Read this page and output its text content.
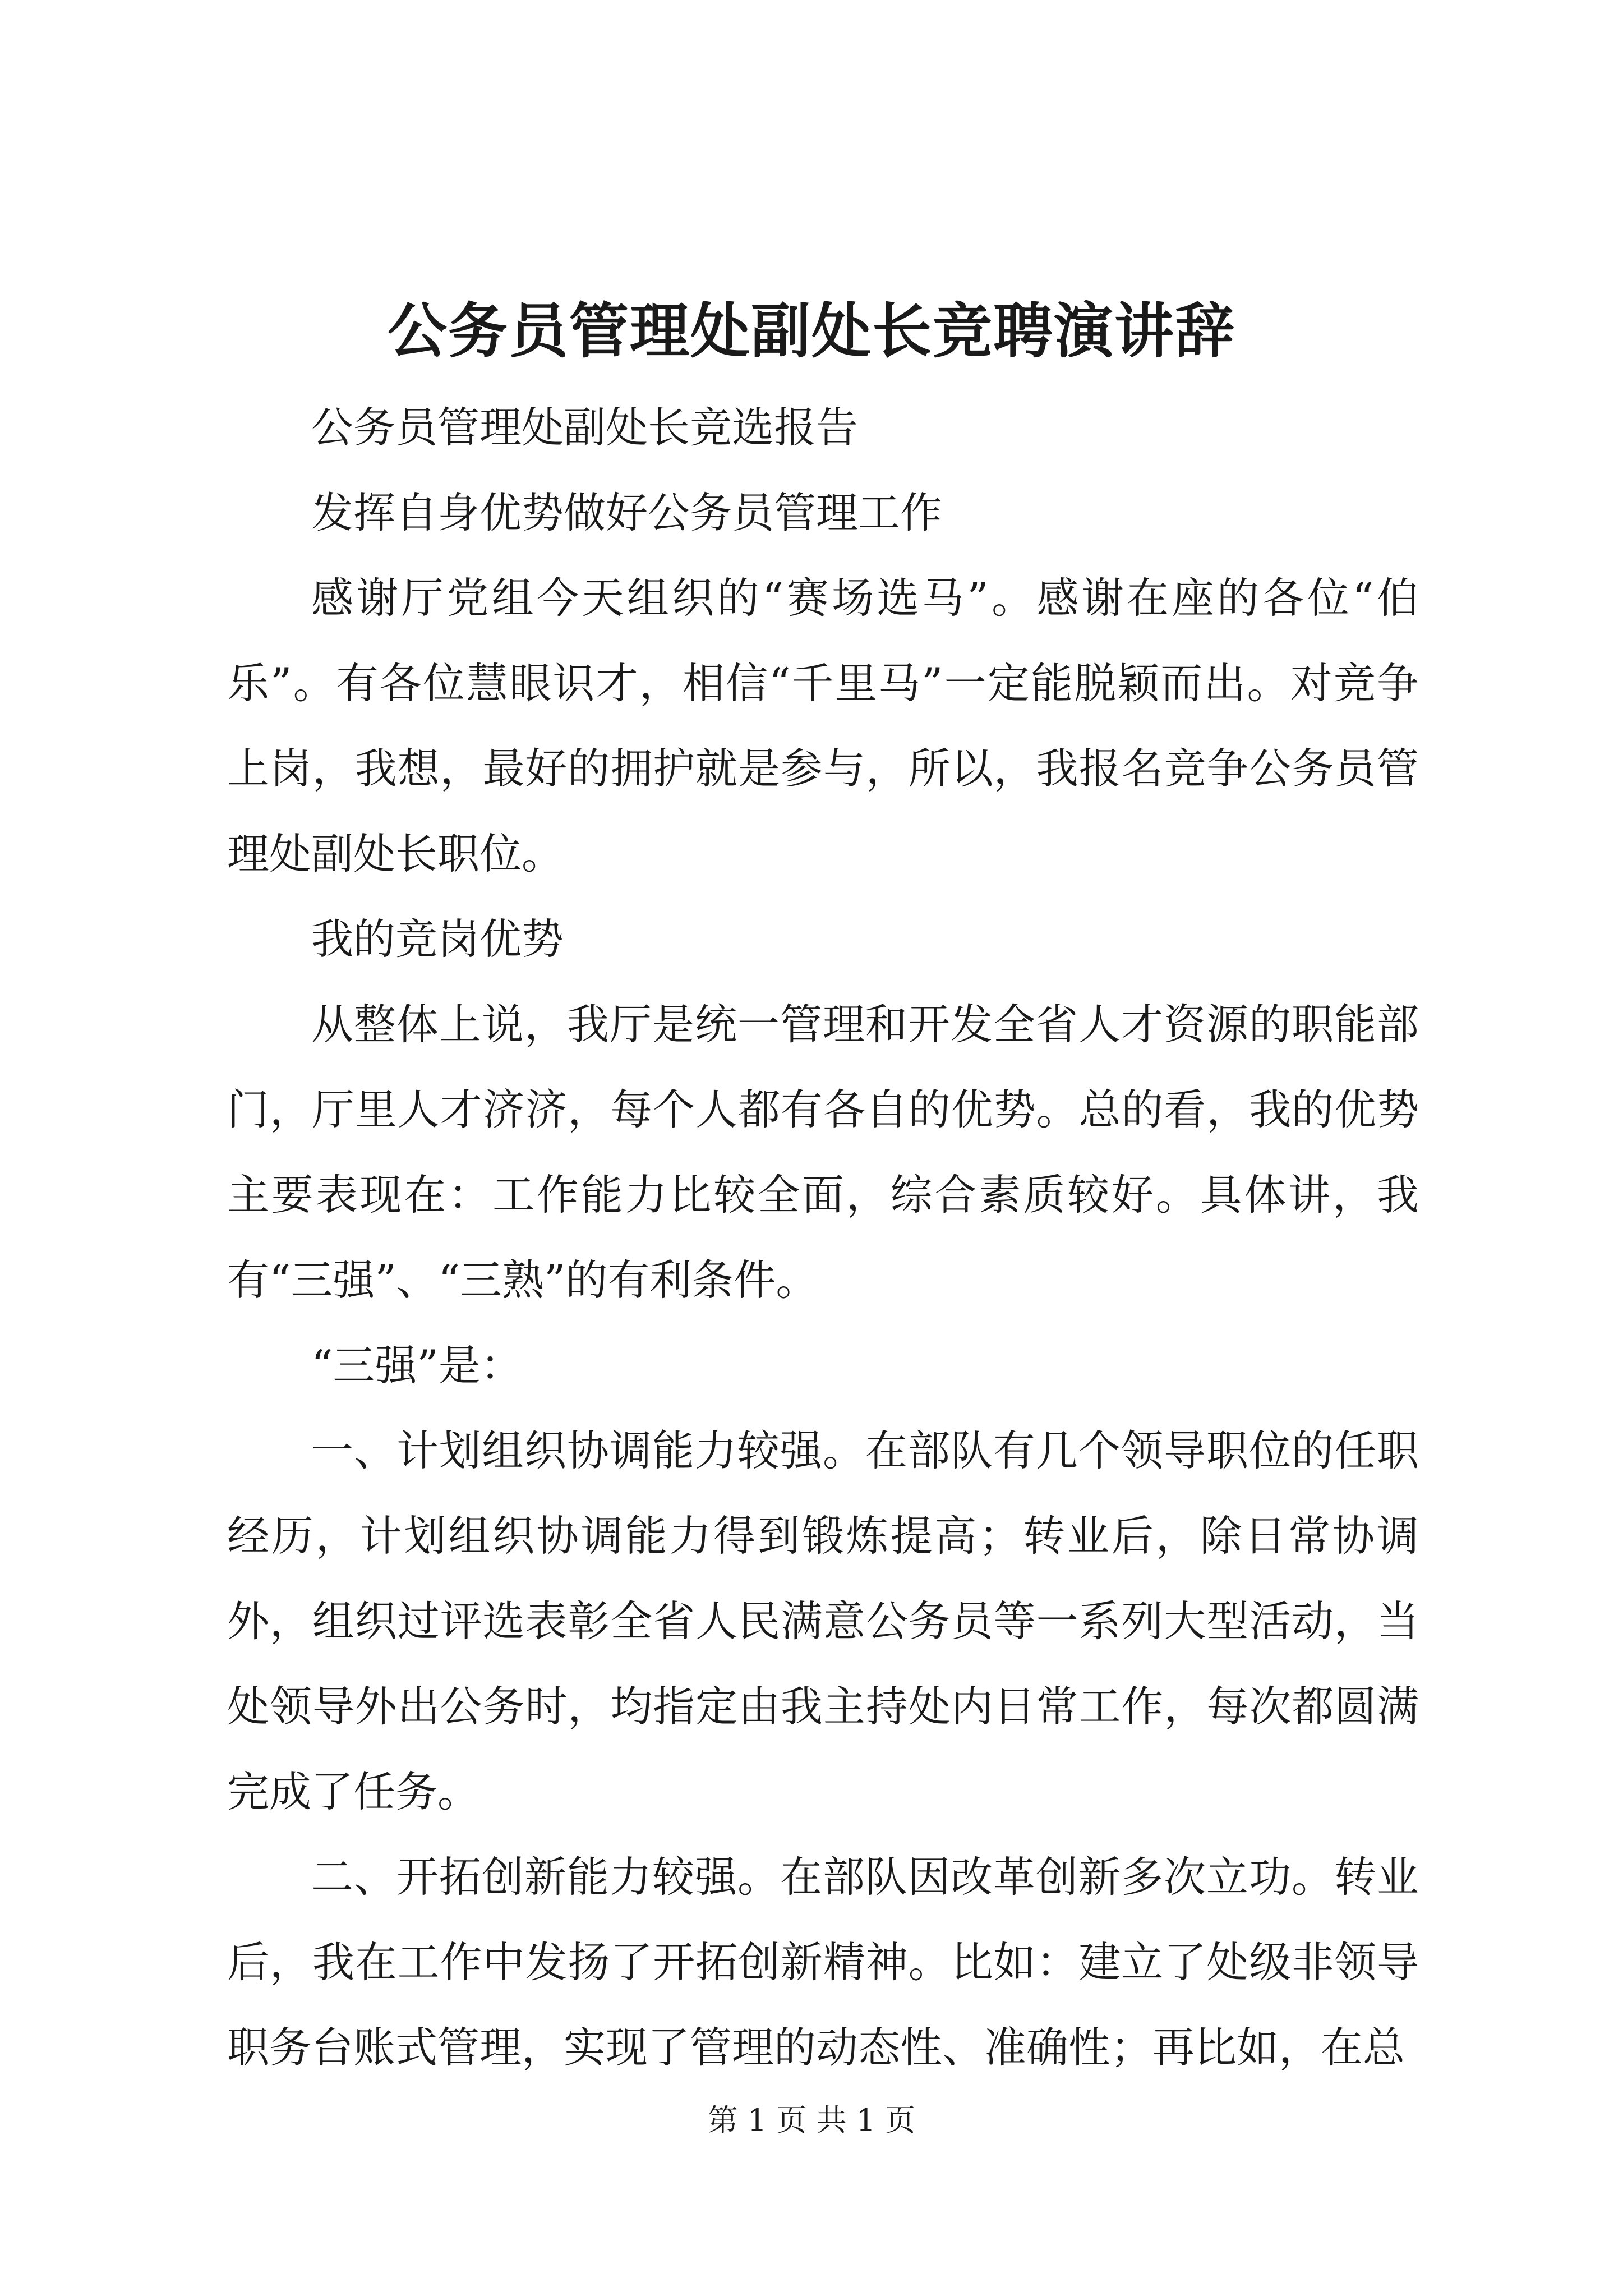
公务员管理处副处长竞聘演讲辞

公务员管理处副处长竞选报告

发挥自身优势做好公务员管理工作

感谢厅党组今天组织的“赛场选马”。感谢在座的各位“伯乐”。有各位慧眼识才，相信“千里马”一定能脱颖而出。对竞争上岗，我想，最好的拥护就是参与，所以，我报名竞争公务员管理处副处长职位。

我的竞岗优势

从整体上说，我厅是统一管理和开发全省人才资源的职能部门，厅里人才济济，每个人都有各自的优势。总的看，我的优势主要表现在：工作能力比较全面，综合素质较好。具体讲，我有“三强”、“三熟”的有利条件。

“三强”是：

一、计划组织协调能力较强。在部队有几个领导职位的任职经历，计划组织协调能力得到锻炼提高；转业后，除日常协调外，组织过评选表彰全省人民满意公务员等一系列大型活动，当处领导外出公务时，均指定由我主持处内日常工作，每次都圆满完成了任务。

二、开拓创新能力较强。在部队因改革创新多次立功。转业后，我在工作中发扬了开拓创新精神。比如：建立了处级非领导职务台账式管理，实现了管理的动态性、准确性；再比如，在总

第 1 页 共 1 页
